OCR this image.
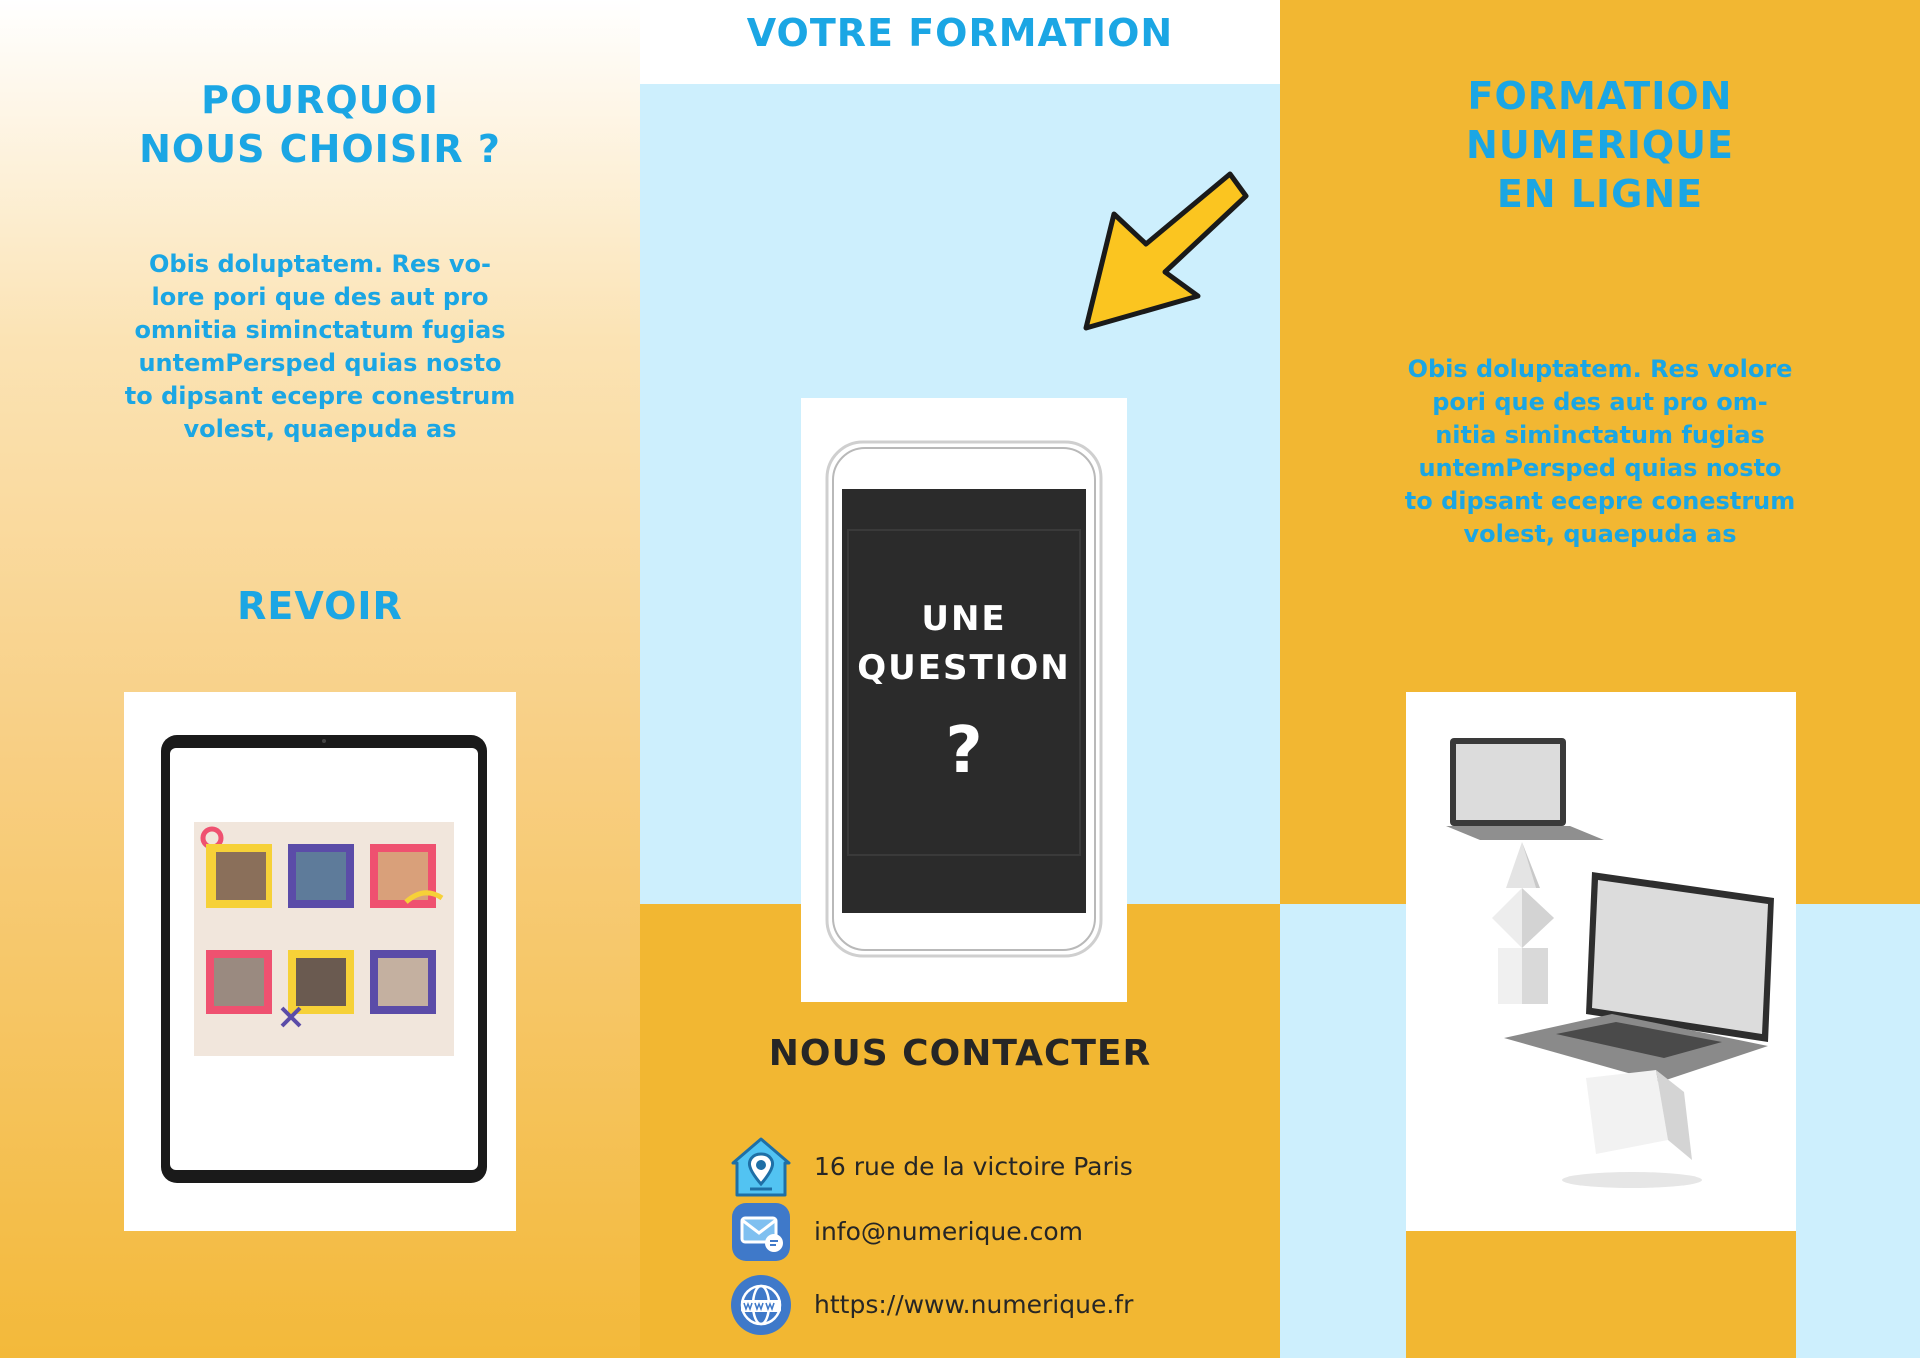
POURQUOI
NOUS CHOISIR ?
Obis doluptatem. Res vo-
lore pori que des aut pro
omnitia siminctatum fugias
untemPersped quias nosto
to dipsant ecepre conestrum
volest, quaepuda as
REVOIR
VOTRE FORMATION
UNE
QUESTION
?
NOUS CONTACTER
16 rue de la victoire Paris
info@numerique.com
https://www.numerique.fr
FORMATION
NUMERIQUE
EN LIGNE
Obis doluptatem. Res volore
pori que des aut pro om-
nitia siminctatum fugias
untemPersped quias nosto
to dipsant ecepre conestrum
volest, quaepuda as
